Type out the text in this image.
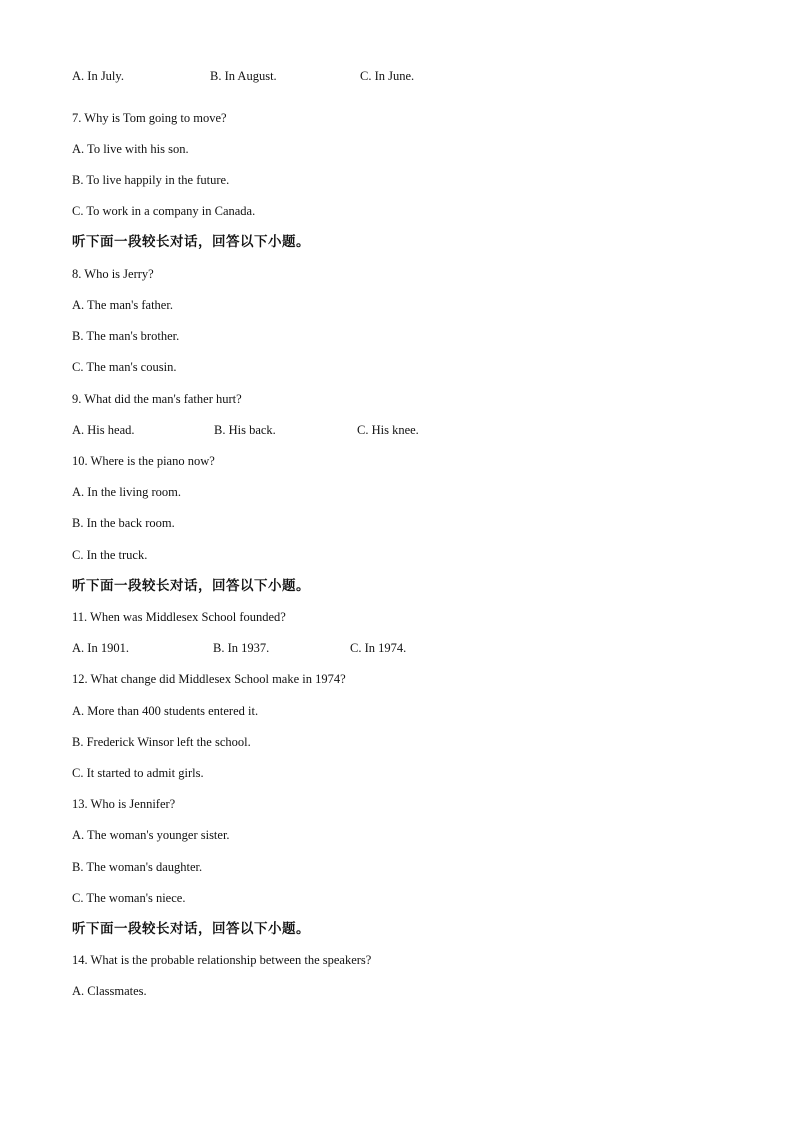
A. In July.	B. In August.	C. In June.
7. Why is Tom going to move?
A. To live with his son.
B. To live happily in the future.
C. To work in a company in Canada.
听下面一段较长对话，回答以下小题。
8. Who is Jerry?
A. The man's father.
B. The man's brother.
C. The man's cousin.
9. What did the man's father hurt?
A. His head.	B. His back.	C. His knee.
10. Where is the piano now?
A. In the living room.
B. In the back room.
C. In the truck.
听下面一段较长对话，回答以下小题。
11. When was Middlesex School founded?
A. In 1901.	B. In 1937.	C. In 1974.
12. What change did Middlesex School make in 1974?
A. More than 400 students entered it.
B. Frederick Winsor left the school.
C. It started to admit girls.
13. Who is Jennifer?
A. The woman's younger sister.
B. The woman's daughter.
C. The woman's niece.
听下面一段较长对话，回答以下小题。
14. What is the probable relationship between the speakers?
A. Classmates.
